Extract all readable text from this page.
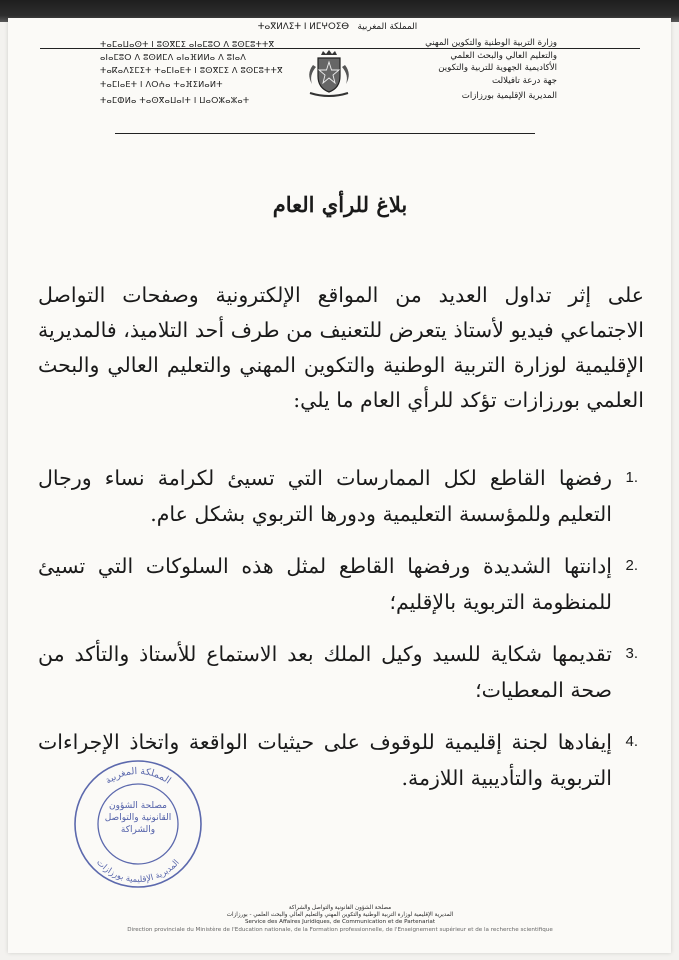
ⵜⴰⴳⵍⴷⵉⵜ ⵏ ⵍⵎⵖⵔⵉⴱ المملكة المغربية
وزارة التربية الوطنية والتكوين المهني
والتعليم العالي والبحث العلمي
الأكاديمية الجهوية للتربية والتكوين
جهة درعة تافيلالت
المديرية الإقليمية بورزازات
ⵜⴰⵎⴰⵡⴰⵙⵜ ⵏ ⵓⵙⴳⵎⵉ ⴰⵏⴰⵎⵓⵔ ⴷ ⵓⵙⵎⵓⵜⵜⴳ
ⴰⵏⴰⵎⵓⵔ ⴷ ⵓⵙⵍⵎⴷ ⴰⵏⴰⴼⵍⵍⴰ ⴷ ⵓⵏⴰⴷ
ⵜⴰⴽⴰⴷⵉⵎⵉⵜ ⵜⴰⵎⵏⴰⴹⵜ ⵏ ⵓⵙⴳⵎⵉ ⴷ ⵓⵙⵎⵓⵜⵜⴳ
ⵜⴰⵎⵏⴰⴹⵜ ⵏ ⴷⵔⵄⴰ ⵜⴰⴼⵉⵍⴰⵍⵜ
ⵜⴰⵎⵀⵍⴰ ⵜⴰⵙⴳⴰⵡⴰⵏⵜ ⵏ ⵡⴰⵔⵣⴰⵣⴰⵜ
بلاغ للرأي العام
على إثر تداول العديد من المواقع الإلكترونية وصفحات التواصل الاجتماعي فيديو لأستاذ يتعرض للتعنيف من طرف أحد التلاميذ، فالمديرية الإقليمية لوزارة التربية الوطنية والتكوين المهني والتعليم العالي والبحث العلمي بورزازات تؤكد للرأي العام ما يلي:
1.
رفضها القاطع لكل الممارسات التي تسيئ لكرامة نساء ورجال التعليم وللمؤسسة التعليمية ودورها التربوي بشكل عام.
2.
إدانتها الشديدة ورفضها القاطع لمثل هذه السلوكات التي تسيئ للمنظومة التربوية بالإقليم؛
3.
تقديمها شكاية للسيد وكيل الملك بعد الاستماع للأستاذ والتأكد من صحة المعطيات؛
4.
إيفادها لجنة إقليمية للوقوف على حيثيات الواقعة واتخاذ الإجراءات التربوية والتأديبية اللازمة.
المملكة المغربية
المديرية الإقليمية بورزازات
مصلحة الشؤون القانونية والتواصل والشراكة
مصلحة الشؤون القانونية والتواصل والشراكة
المديرية الإقليمية لوزارة التربية الوطنية والتكوين المهني والتعليم العالي والبحث العلمي - بورزازات
Service des Affaires Juridiques, de Communication et de Partenariat
Direction provinciale du Ministère de l'Education nationale, de la Formation professionnelle, de l'Enseignement supérieur et de la recherche scientifique
